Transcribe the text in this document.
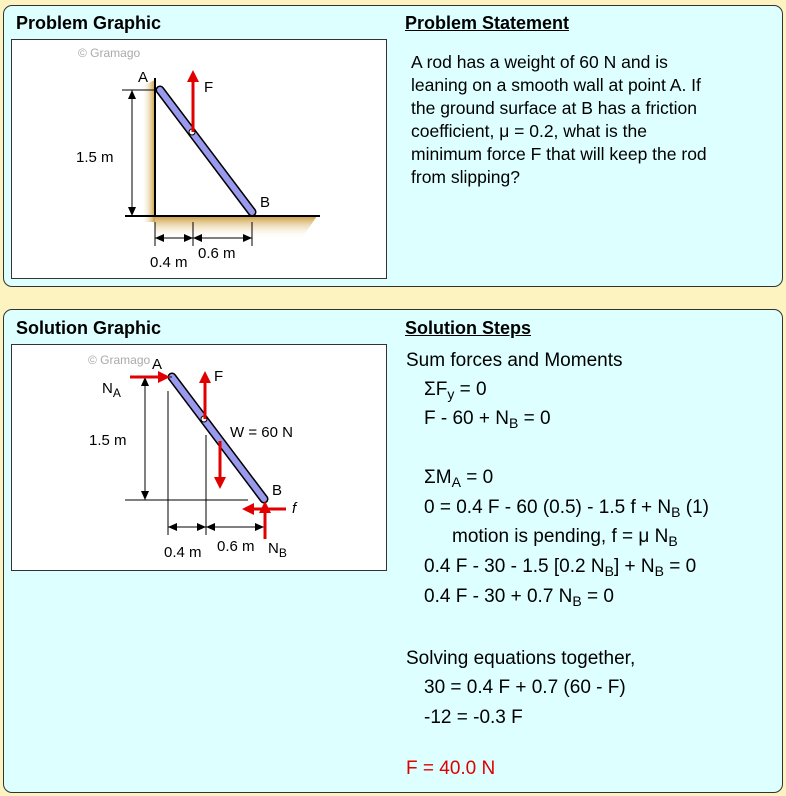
Problem Graphic	Problem Statement
© Gramago
F
A
B
1.5 m
0.4 m
0.6 m
A rod has a weight of 60 N and is
leaning on a smooth wall at point A. If
the ground surface at B has a friction
coefficient, μ = 0.2, what is the
minimum force F that will keep the rod
from slipping?
Solution Graphic	Solution Steps
© Gramago
1.5 m
0.4 m 0.6 m
$N_A$
A
F
W = 60 N
B
f
$N_B$
Sum forces and Moments
$\Sigma F_y = 0$
$F - 60 + N_B = 0$
$\Sigma M_A = 0$
0 = 0.4 F - 60 (0.5) - 1.5 $f + N_B$ (1)
motion is pending, f = μ $N_B$
0.4 F - 30 - 1.5 [0.2 $N_B] + N_B = 0$
0.4 F - 30 + 0.7 $N_B = 0$
Solving equations together,
30 = 0.4 F + 0.7 (60 - F)
-12 = -0.3 F
F = 40.0 N
